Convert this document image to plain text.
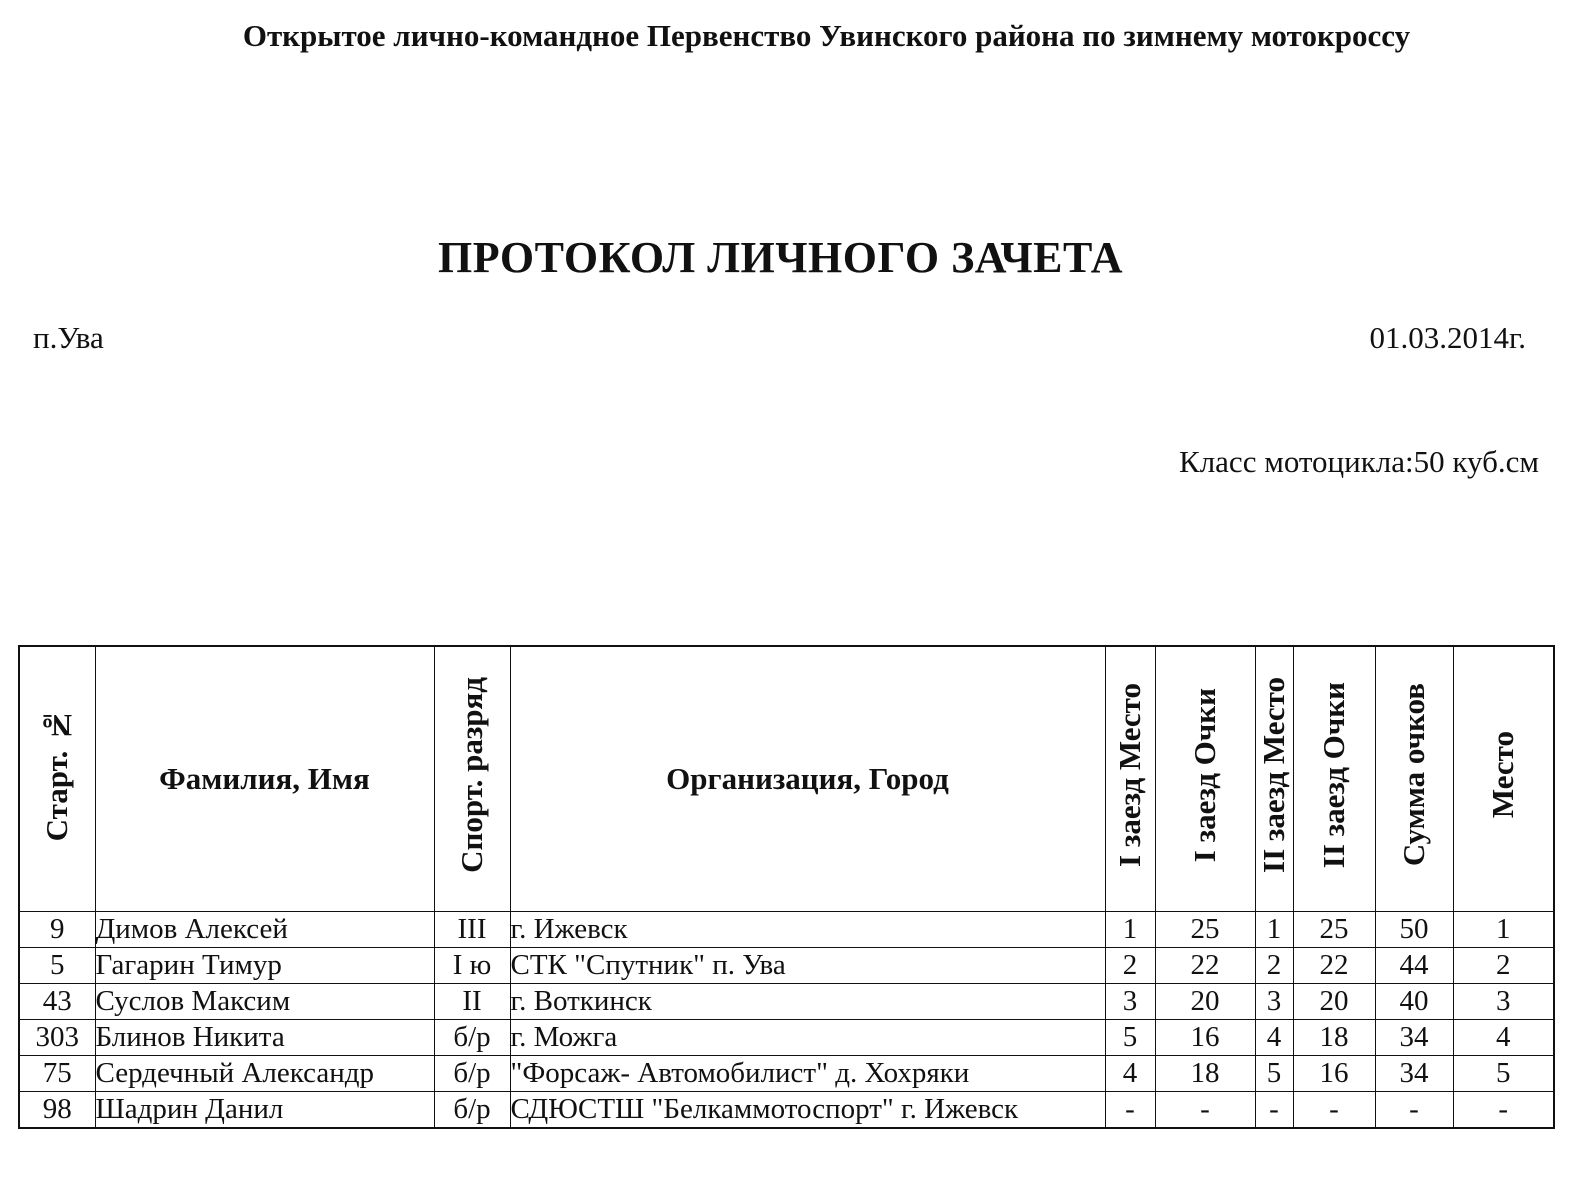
Открытое лично-командное Первенство Увинского района по зимнему мотокроссу
ПРОТОКОЛ ЛИЧНОГО ЗАЧЕТА
п.Ува	01.03.2014г.
Класс мотоцикла:50 куб.см
Старт. №	Фамилия, Имя	Спорт. разряд	Организация, Город	I заезд Место	I заезд Очки	II заезд Место	II заезд Очки	Сумма очков	Место
9	Димов Алексей	III	г. Ижевск	1	25	1	25	50	1
5	Гагарин Тимур	I ю	СТК "Спутник" п. Ува	2	22	2	22	44	2
43	Суслов Максим	II	г. Воткинск	3	20	3	20	40	3
303	Блинов Никита	б/р	г. Можга	5	16	4	18	34	4
75	Сердечный Александр	б/р	"Форсаж- Автомобилист" д. Хохряки	4	18	5	16	34	5
98	Шадрин Данил	б/р	СДЮСТШ "Белкаммотоспорт" г. Ижевск	-	-	-	-	-	-
